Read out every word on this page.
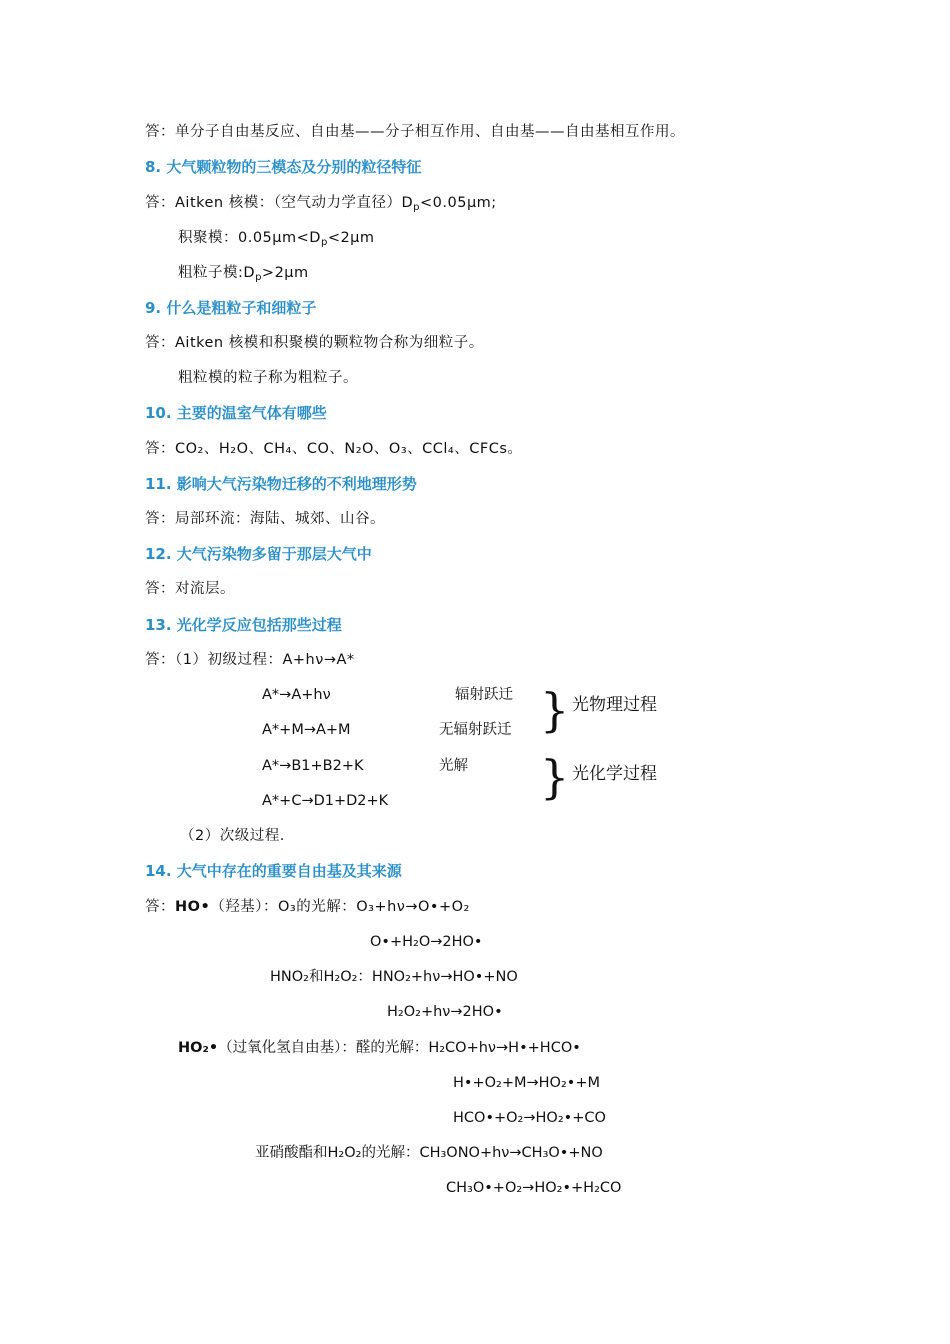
答：单分子自由基反应、自由基——分子相互作用、自由基——自由基相互作用。
8. 大气颗粒物的三模态及分别的粒径特征
答：Aitken 核模：（空气动力学直径）$D_p<0.05\mu m$;
积聚模：$0.05\mu m<D_p<2\mu m$
粗粒子模$:D_p>2\mu m$
9. 什么是粗粒子和细粒子
答：Aitken 核模和积聚模的颗粒物合称为细粒子。
粗粒模的粒子称为粗粒子。
10. 主要的温室气体有哪些
答：CO₂、H₂O、CH₄、CO、N₂O、O₃、CCl₄、CFCs。
11. 影响大气污染物迁移的不利地理形势
答：局部环流：海陆、城郊、山谷。
12. 大气污染物多留于那层大气中
答：对流层。
13. 光化学反应包括那些过程
答：（1）初级过程：A+hν→A*
A*→A+hν	辐射跃迁
A*+M→A+M	无辐射跃迁
A*→B1+B2+K	光解
A*+C→D1+D2+K
} 光物理过程
} 光化学过程
（2）次级过程.
14. 大气中存在的重要自由基及其来源
答：HO•（羟基）：O₃的光解：O₃+hν→O•+O₂
O•+H₂O→2HO•
HNO₂和H₂O₂：HNO₂+hν→HO•+NO
H₂O₂+hν→2HO•
HO₂•（过氧化氢自由基）：醛的光解：H₂CO+hν→H•+HCO•
H•+O₂+M→HO₂•+M
HCO•+O₂→HO₂•+CO
亚硝酸酯和H₂O₂的光解：CH₃ONO+hν→CH₃O•+NO
CH₃O•+O₂→HO₂•+H₂CO
